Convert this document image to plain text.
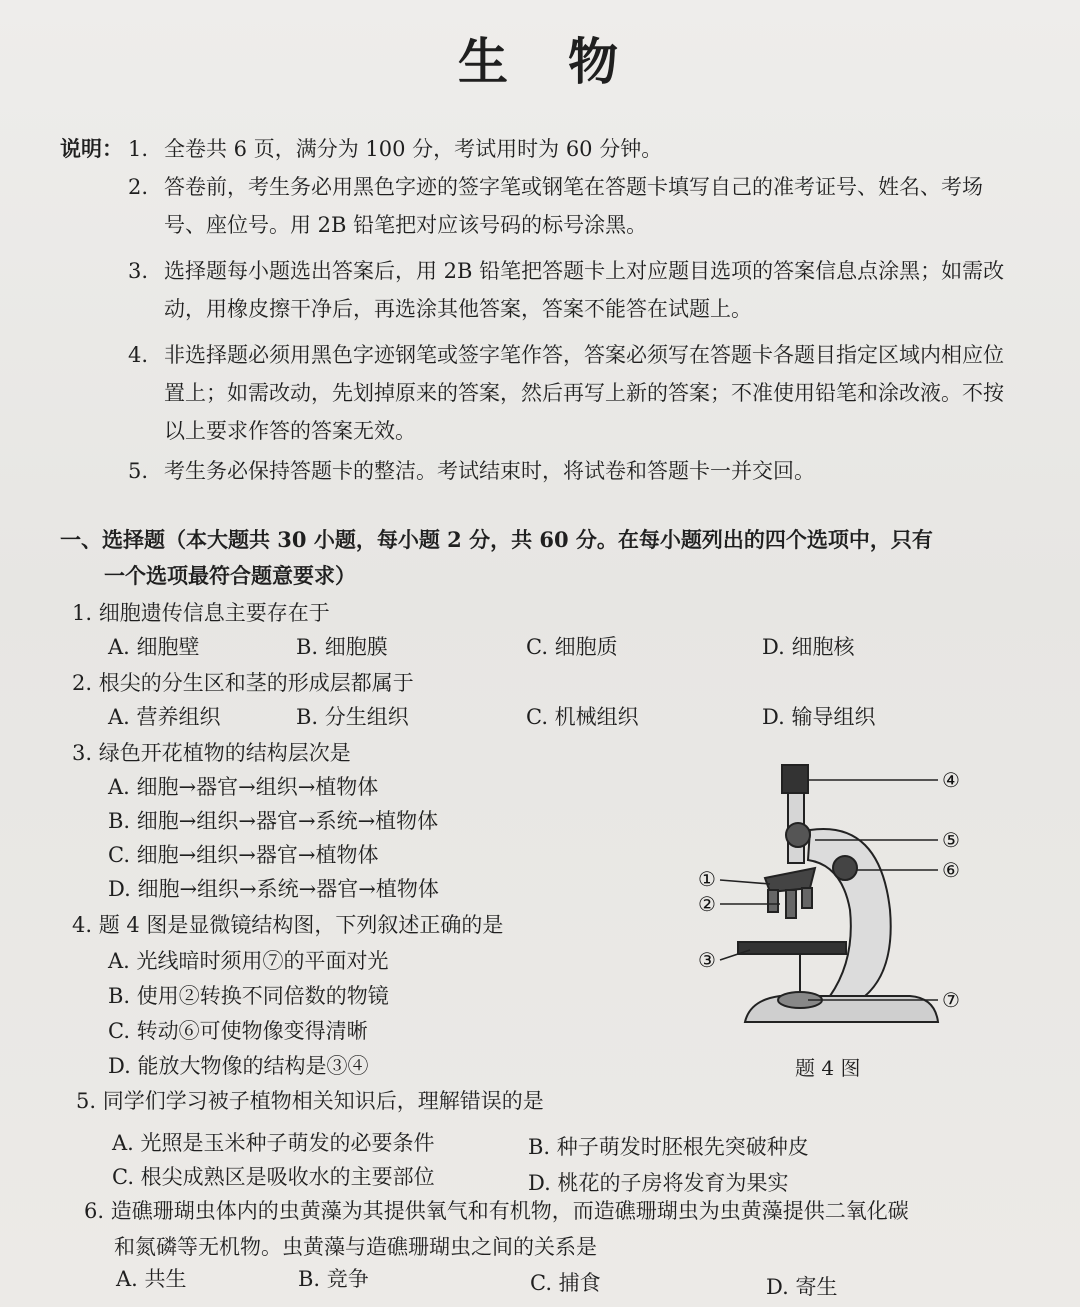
生 物
说明： 1. 全卷共 6 页，满分为 100 分，考试用时为 60 分钟。
2. 答卷前，考生务必用黑色字迹的签字笔或钢笔在答题卡填写自己的准考证号、姓名、考场号、座位号。用 2B 铅笔把对应该号码的标号涂黑。
3. 选择题每小题选出答案后，用 2B 铅笔把答题卡上对应题目选项的答案信息点涂黑；如需改动，用橡皮擦干净后，再选涂其他答案，答案不能答在试题上。
4. 非选择题必须用黑色字迹钢笔或签字笔作答，答案必须写在答题卡各题目指定区域内相应位置上；如需改动，先划掉原来的答案，然后再写上新的答案；不准使用铅笔和涂改液。不按以上要求作答的答案无效。
5. 考生务必保持答题卡的整洁。考试结束时，将试卷和答题卡一并交回。
一、选择题（本大题共 30 小题，每小题 2 分，共 60 分。在每小题列出的四个选项中，只有
一个选项最符合题意要求）
1. 细胞遗传信息主要存在于
A. 细胞壁	B. 细胞膜	C. 细胞质	D. 细胞核
2. 根尖的分生区和茎的形成层都属于
A. 营养组织	B. 分生组织	C. 机械组织	D. 输导组织
3. 绿色开花植物的结构层次是
A. 细胞→器官→组织→植物体
B. 细胞→组织→器官→系统→植物体
C. 细胞→组织→器官→植物体
D. 细胞→组织→系统→器官→植物体
4. 题 4 图是显微镜结构图，下列叙述正确的是
A. 光线暗时须用⑦的平面对光
B. 使用②转换不同倍数的物镜
C. 转动⑥可使物像变得清晰
D. 能放大物像的结构是③④
④
⑤
⑥
①
②
③
⑦
题 4 图
5. 同学们学习被子植物相关知识后，理解错误的是
A. 光照是玉米种子萌发的必要条件	B. 种子萌发时胚根先突破种皮
C. 根尖成熟区是吸收水的主要部位	D. 桃花的子房将发育为果实
6. 造礁珊瑚虫体内的虫黄藻为其提供氧气和有机物，而造礁珊瑚虫为虫黄藻提供二氧化碳
和氮磷等无机物。虫黄藻与造礁珊瑚虫之间的关系是
A. 共生	B. 竞争	C. 捕食	D. 寄生
